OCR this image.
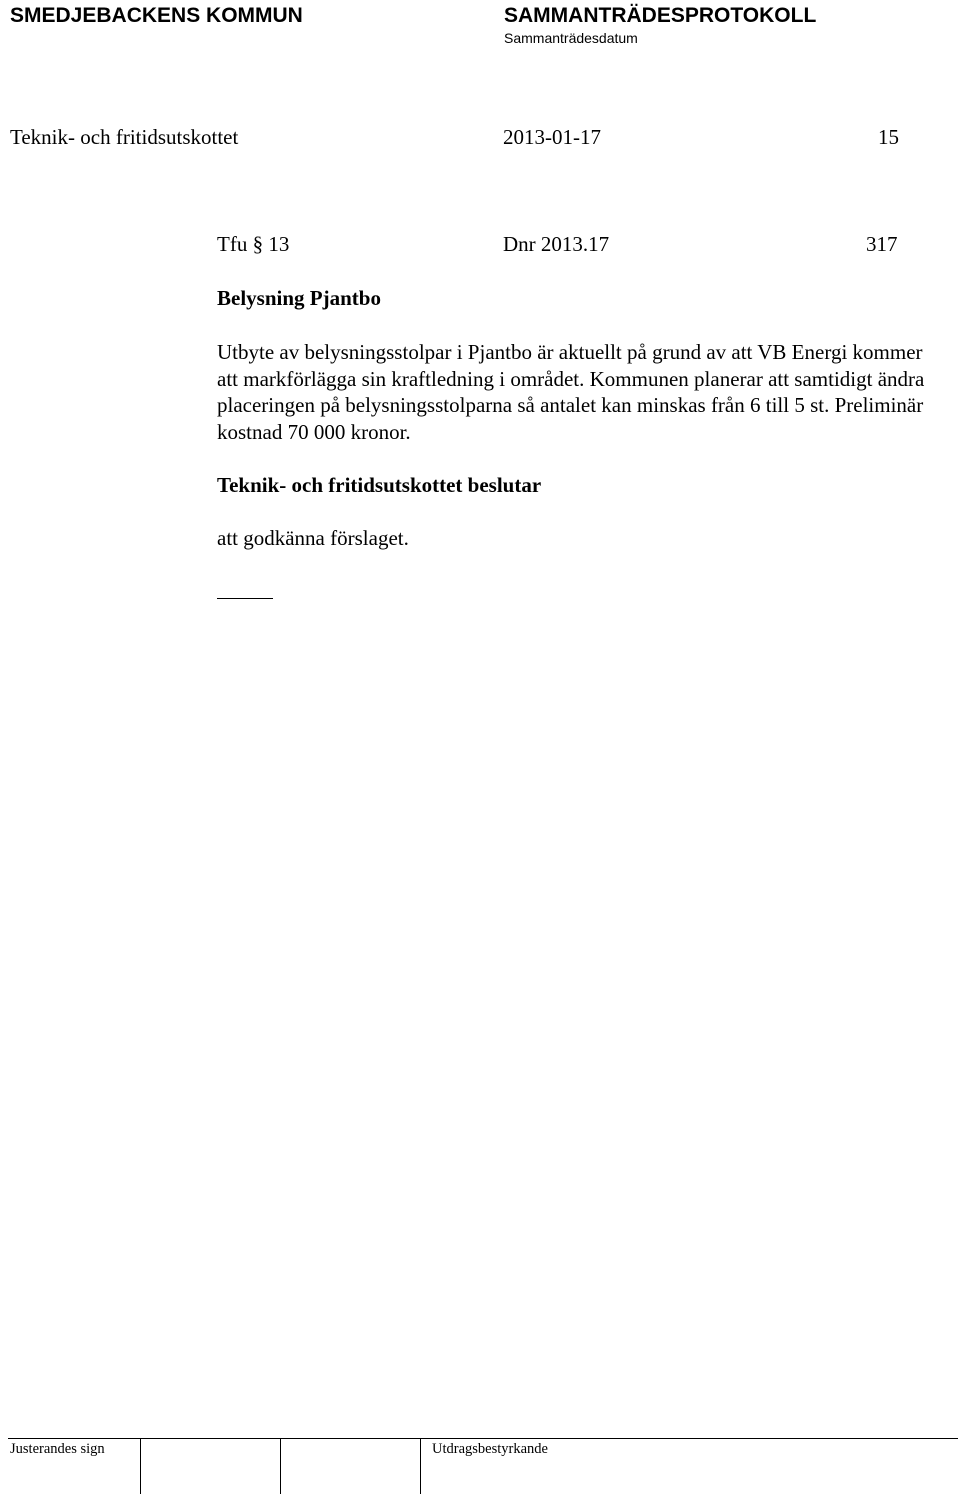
SMEDJEBACKENS KOMMUN	SAMMANTRÄDESPROTOKOLL
Sammanträdesdatum
Teknik- och fritidsutskottet	2013-01-17	15
Tfu § 13	Dnr 2013.17	317
Belysning Pjantbo
Utbyte av belysningsstolpar i Pjantbo är aktuellt på grund av att VB Energi kommer att markförlägga sin kraftledning i området. Kommunen planerar att samtidigt ändra placeringen på belysningsstolparna så antalet kan minskas från 6 till 5 st. Preliminär kostnad 70 000 kronor.
Teknik- och fritidsutskottet beslutar
att godkänna förslaget.
Justerandes sign	Utdragsbestyrkande
